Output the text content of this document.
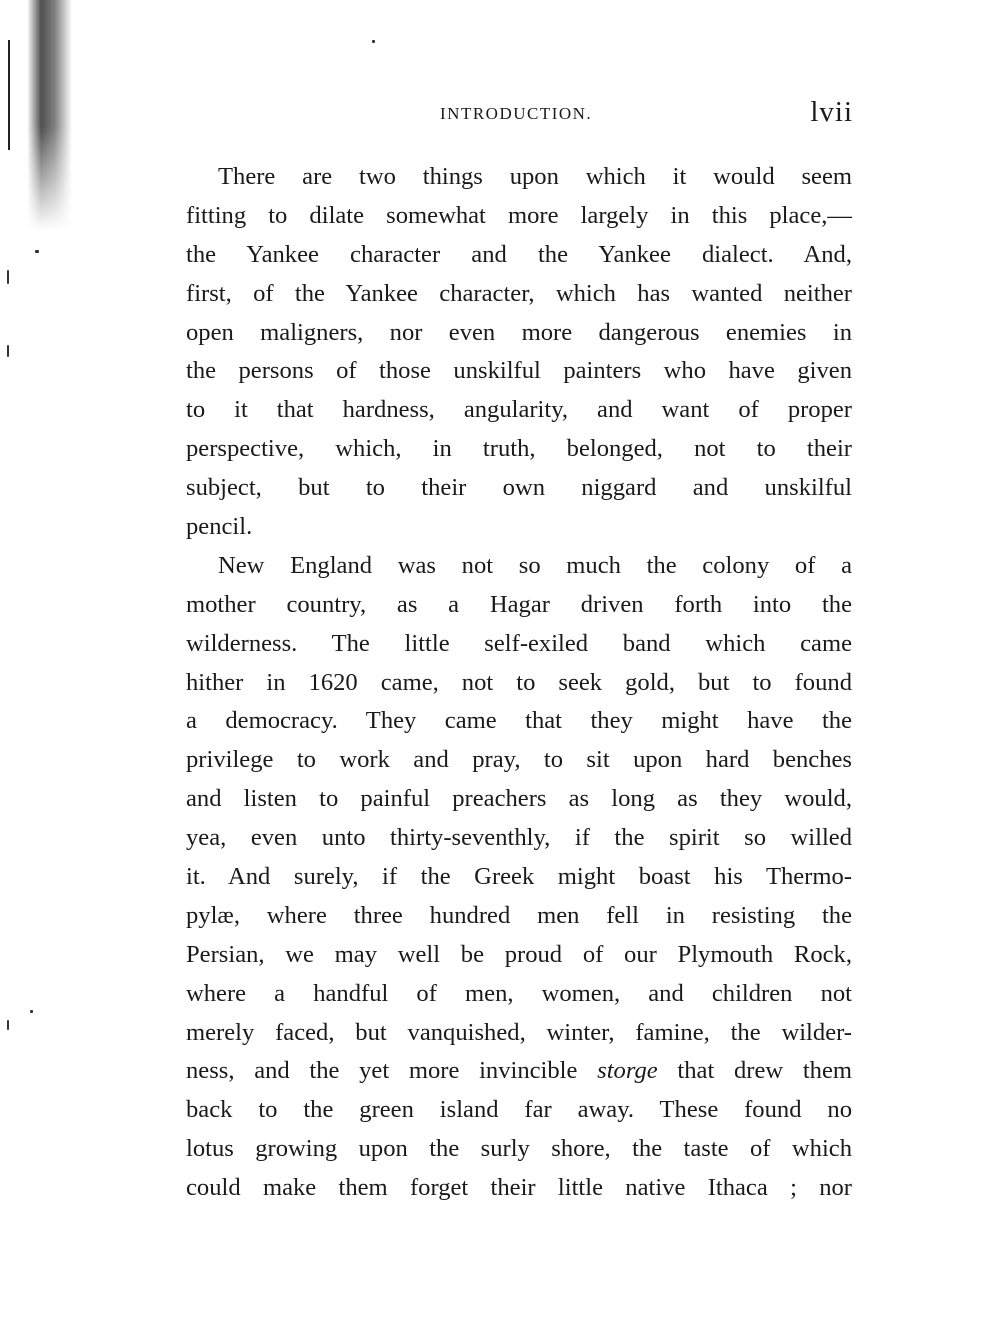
INTRODUCTION.	lvii
There are two things upon which it would seem
fitting to dilate somewhat more largely in this place,—
the Yankee character and the Yankee dialect. And,
first, of the Yankee character, which has wanted neither
open maligners, nor even more dangerous enemies in
the persons of those unskilful painters who have given
to it that hardness, angularity, and want of proper
perspective, which, in truth, belonged, not to their
subject, but to their own niggard and unskilful
pencil.
New England was not so much the colony of a
mother country, as a Hagar driven forth into the
wilderness. The little self-exiled band which came
hither in 1620 came, not to seek gold, but to found
a democracy. They came that they might have the
privilege to work and pray, to sit upon hard benches
and listen to painful preachers as long as they would,
yea, even unto thirty-seventhly, if the spirit so willed
it. And surely, if the Greek might boast his Thermo-
pylæ, where three hundred men fell in resisting the
Persian, we may well be proud of our Plymouth Rock,
where a handful of men, women, and children not
merely faced, but vanquished, winter, famine, the wilder-
ness, and the yet more invincible storge that drew them
back to the green island far away. These found no
lotus growing upon the surly shore, the taste of which
could make them forget their little native Ithaca ; nor
